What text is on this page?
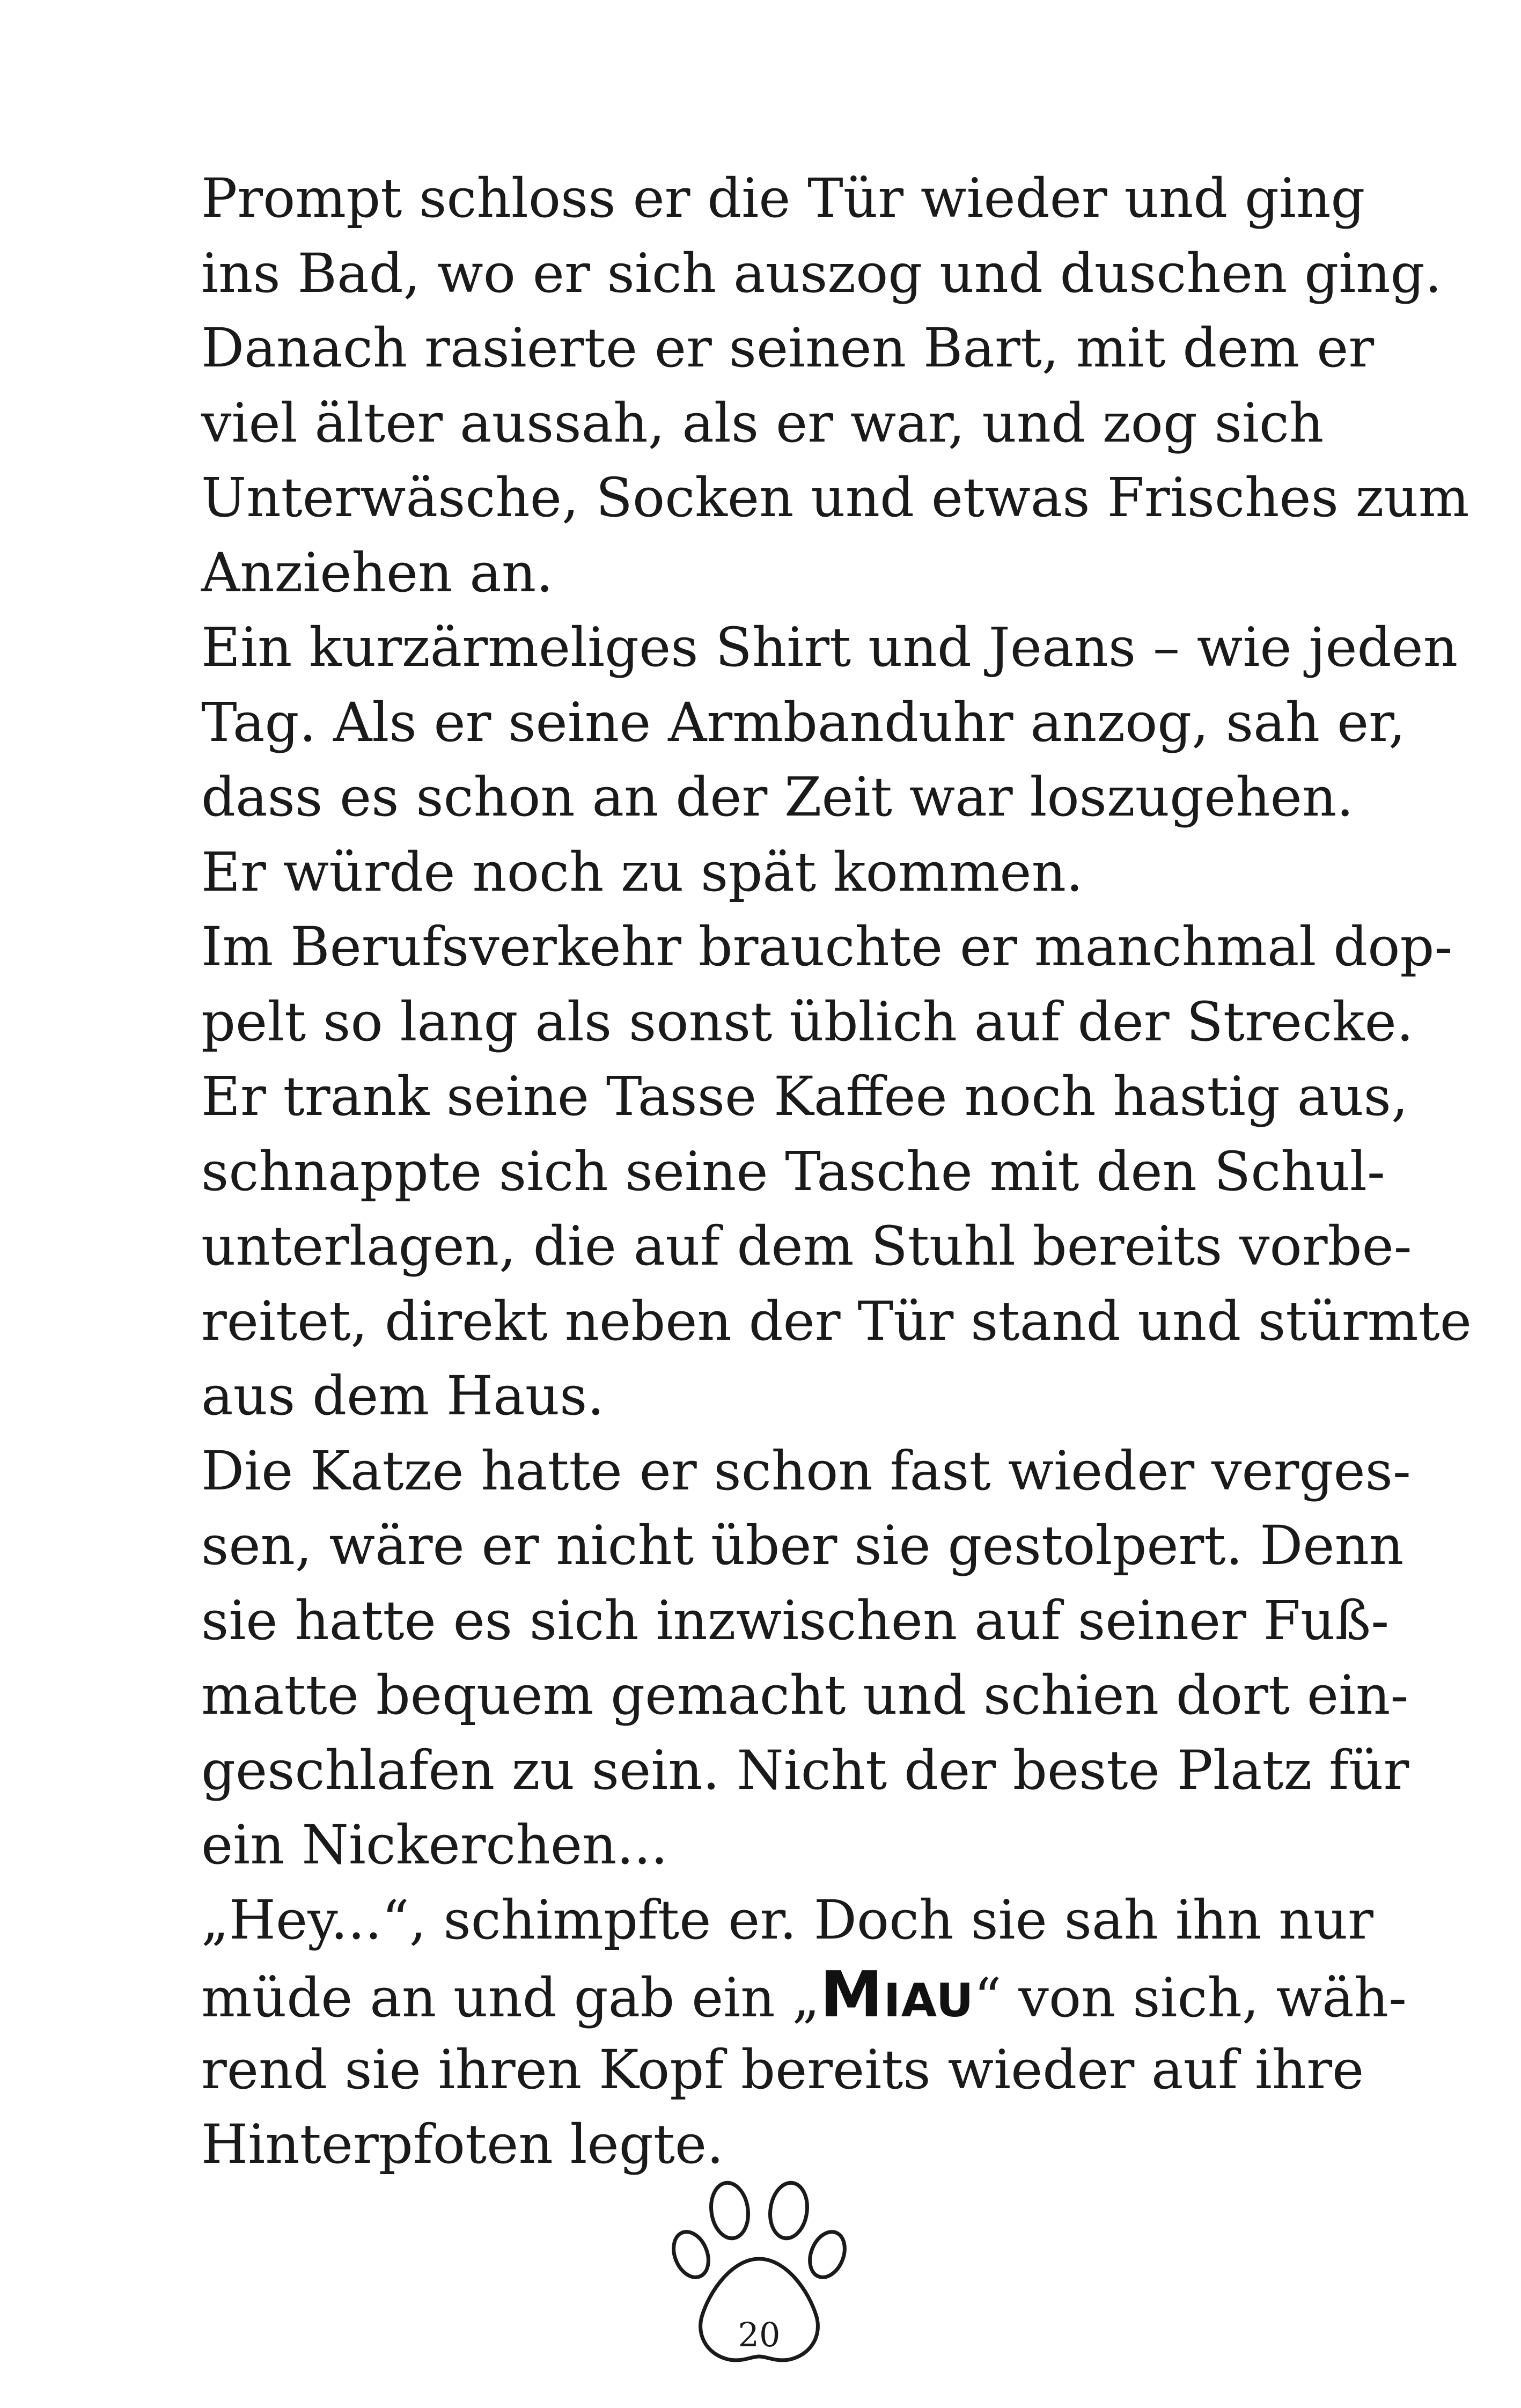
Prompt schloss er die Tür wieder und ging
ins Bad, wo er sich auszog und duschen ging.
Danach rasierte er seinen Bart, mit dem er
viel älter aussah, als er war, und zog sich
Unterwäsche, Socken und etwas Frisches zum
Anziehen an.
Ein kurzärmeliges Shirt und Jeans – wie jeden
Tag. Als er seine Armbanduhr anzog, sah er,
dass es schon an der Zeit war loszugehen.
Er würde noch zu spät kommen.
Im Berufsverkehr brauchte er manchmal dop-
pelt so lang als sonst üblich auf der Strecke.
Er trank seine Tasse Kaffee noch hastig aus,
schnappte sich seine Tasche mit den Schul-
unterlagen, die auf dem Stuhl bereits vorbe-
reitet, direkt neben der Tür stand und stürmte
aus dem Haus.
Die Katze hatte er schon fast wieder verges-
sen, wäre er nicht über sie gestolpert. Denn
sie hatte es sich inzwischen auf seiner Fuß-
matte bequem gemacht und schien dort ein-
geschlafen zu sein. Nicht der beste Platz für
ein Nickerchen...
„Hey...“, schimpfte er. Doch sie sah ihn nur
müde an und gab ein „MIAU“ von sich, wäh-
rend sie ihren Kopf bereits wieder auf ihre
Hinterpfoten legte.
20
